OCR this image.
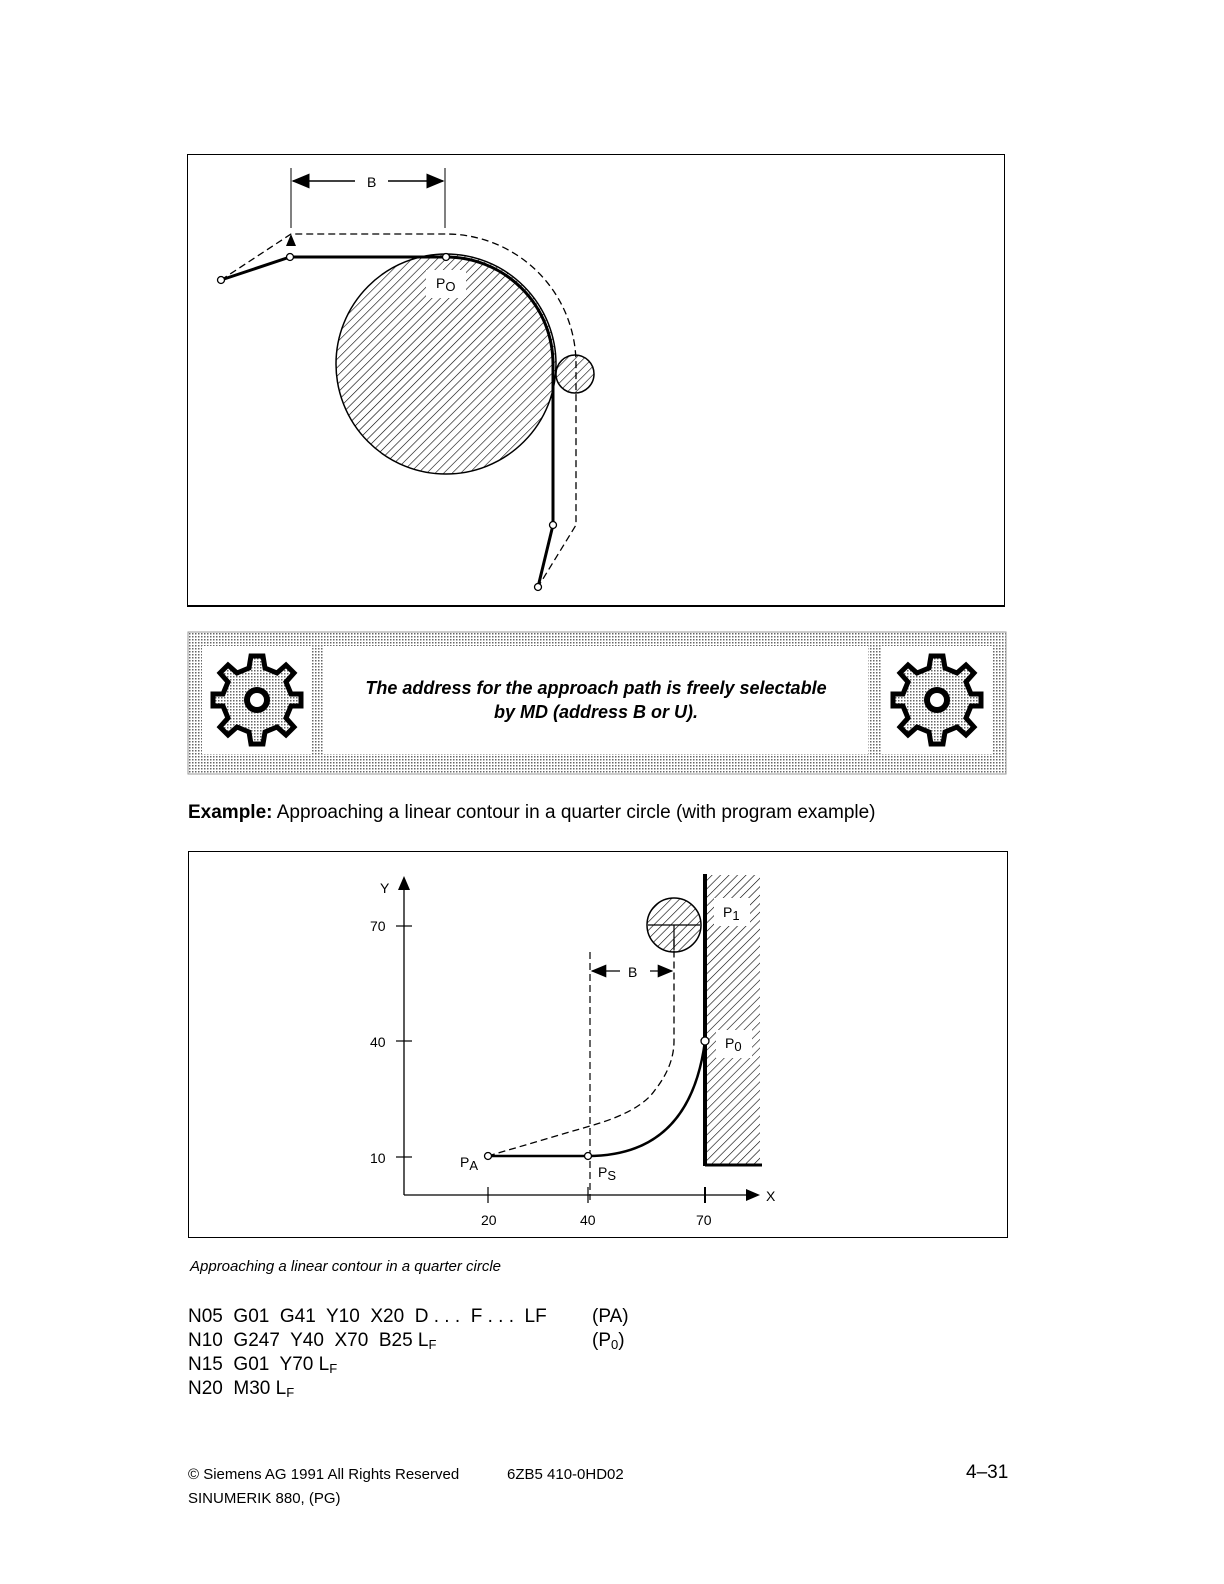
B
$P_O$
The address for the approach path is freely selectable
by MD (address B or U).
Example: Approaching a linear contour in a quarter circle (with program example)
Y
X
70
40
10
20	40	70
B
$P_1$
$P_0$
$P_A$	$P_S$
Approaching a linear contour in a quarter circle
N05  G01  G41  Y10  X20  D . . .  F . . .  LF (PA)
N10  G247  Y40  X70  B25 $L_F$	$(P_0)$
N15  G01  Y70 $L_F$
N20  M30 $L_F$
© Siemens AG 1991 All Rights Reserved	6ZB5 410-0HD02	4–31
SINUMERIK 880, (PG)
